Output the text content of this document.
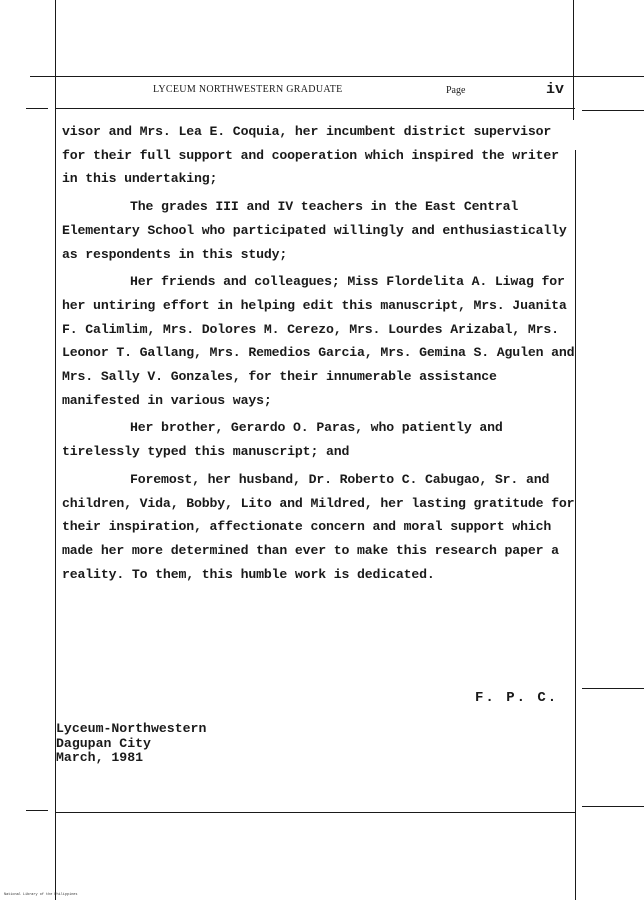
LYCEUM NORTHWESTERN GRADUATE	Page	iv

visor and Mrs. Lea E. Coquia, her incumbent district supervisor for their full support and cooperation which inspired the writer in this undertaking;

The grades III and IV teachers in the East Central Elementary School who participated willingly and enthusiastically as respondents in this study;

Her friends and colleagues; Miss Flordelita A. Liwag for her untiring effort in helping edit this manuscript, Mrs. Juanita F. Calimlim, Mrs. Dolores M. Cerezo, Mrs. Lourdes Arizabal, Mrs. Leonor T. Gallang, Mrs. Remedios Garcia, Mrs. Gemina S. Agulen and Mrs. Sally V. Gonzales, for their innumerable assistance manifested in various ways;

Her brother, Gerardo O. Paras, who patiently and tirelessly typed this manuscript; and

Foremost, her husband, Dr. Roberto C. Cabugao, Sr. and children, Vida, Bobby, Lito and Mildred, her lasting gratitude for their inspiration, affectionate concern and moral support which made her more determined than ever to make this research paper a reality. To them, this humble work is dedicated.

F. P. C.
Lyceum-Northwestern
Dagupan City
March, 1981
National Library of the Philippines
